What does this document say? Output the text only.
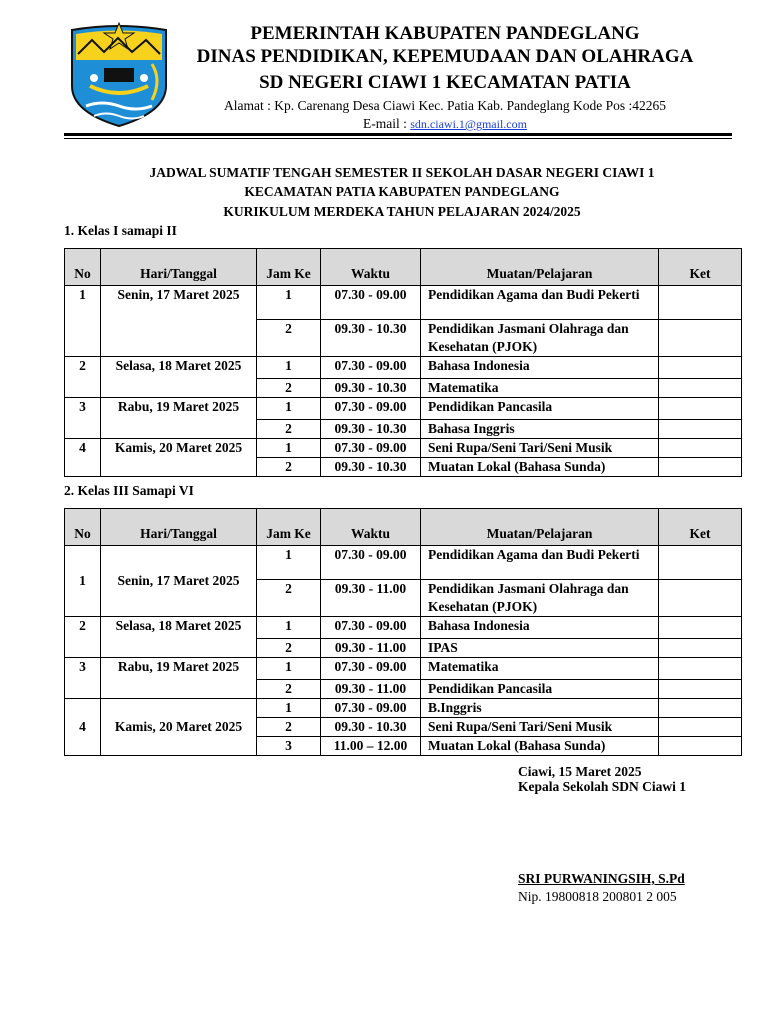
PEMERINTAH KABUPATEN PANDEGLANG
DINAS PENDIDIKAN, KEPEMUDAAN DAN OLAHRAGA
SD NEGERI CIAWI 1 KECAMATAN PATIA
Alamat : Kp. Carenang Desa Ciawi Kec. Patia Kab. Pandeglang Kode Pos :42265
E-mail : sdn.ciawi.1@gmail.com
JADWAL SUMATIF TENGAH SEMESTER II SEKOLAH DASAR NEGERI CIAWI 1
KECAMATAN PATIA KABUPATEN PANDEGLANG
KURIKULUM MERDEKA TAHUN PELAJARAN 2024/2025
1. Kelas I samapi II
No	Hari/Tanggal	Jam Ke	Waktu	Muatan/Pelajaran	Ket
1	Senin, 17 Maret 2025	1	07.30 - 09.00	Pendidikan Agama dan Budi Pekerti	
		2	09.30 - 10.30	Pendidikan Jasmani Olahraga dan Kesehatan (PJOK)	
2	Selasa, 18 Maret 2025	1	07.30 - 09.00	Bahasa Indonesia	
		2	09.30 - 10.30	Matematika	
3	Rabu, 19 Maret 2025	1	07.30 - 09.00	Pendidikan Pancasila	
		2	09.30 - 10.30	Bahasa Inggris	
4	Kamis, 20 Maret 2025	1	07.30 - 09.00	Seni Rupa/Seni Tari/Seni Musik	
		2	09.30 - 10.30	Muatan Lokal (Bahasa Sunda)	
2. Kelas III Samapi VI
No	Hari/Tanggal	Jam Ke	Waktu	Muatan/Pelajaran	Ket
1	Senin, 17 Maret 2025	1	07.30 - 09.00	Pendidikan Agama dan Budi Pekerti	
		2	09.30 - 11.00	Pendidikan Jasmani Olahraga dan Kesehatan (PJOK)	
2	Selasa, 18 Maret 2025	1	07.30 - 09.00	Bahasa Indonesia	
		2	09.30 - 11.00	IPAS	
3	Rabu, 19 Maret 2025	1	07.30 - 09.00	Matematika	
		2	09.30 - 11.00	Pendidikan Pancasila	
4	Kamis, 20 Maret 2025	1	07.30 - 09.00	B.Inggris	
		2	09.30 - 10.30	Seni Rupa/Seni Tari/Seni Musik	
		3	11.00 – 12.00	Muatan Lokal (Bahasa Sunda)	
Ciawi, 15 Maret 2025
Kepala Sekolah SDN Ciawi 1
SRI PURWANINGSIH, S.Pd
Nip. 19800818 200801 2 005
